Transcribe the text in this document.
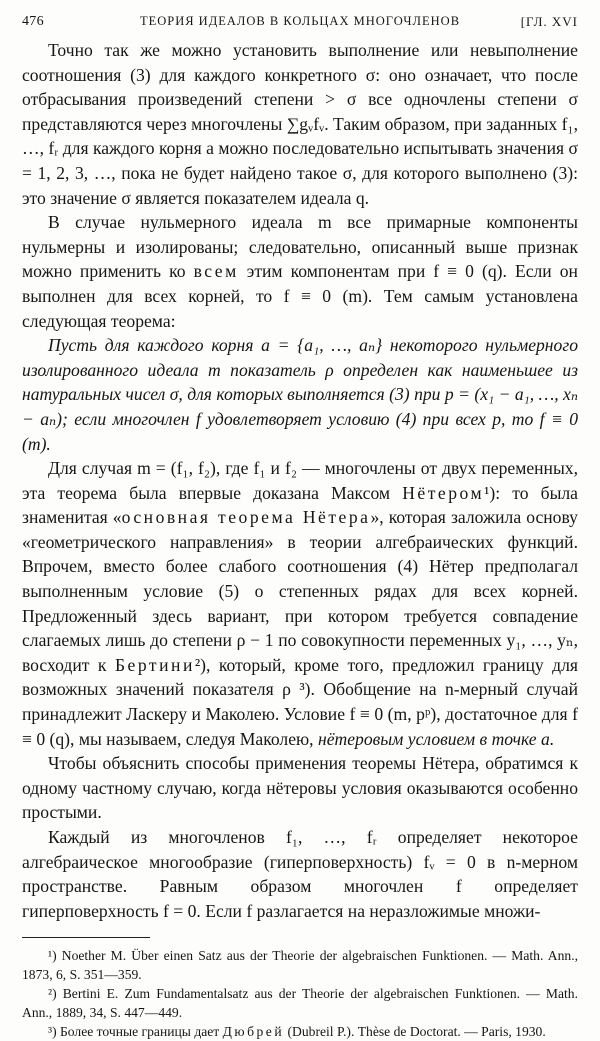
476	ТЕОРИЯ ИДЕАЛОВ В КОЛЬЦАХ МНОГОЧЛЕНОВ	[ГЛ. XVI

Точно так же можно установить выполнение или невыполнение соотношения (3) для каждого конкретного σ: оно означает, что после отбрасывания произведений степени > σ все одночлены степени σ представляются через многочлены ∑gᵥfᵥ. Таким образом, при заданных f₁, …, fᵣ для каждого корня a можно последовательно испытывать значения σ = 1, 2, 3, …, пока не будет найдено такое σ, для которого выполнено (3): это значение σ является показателем идеала q.

В случае нульмерного идеала m все примарные компоненты нульмерны и изолированы; следовательно, описанный выше признак можно применить ко всем этим компонентам при f ≡ 0 (q). Если он выполнен для всех корней, то f ≡ 0 (m). Тем самым установлена следующая теорема:

Пусть для каждого корня a = {a₁, …, aₙ} некоторого нульмерного изолированного идеала m показатель ρ определен как наименьшее из натуральных чисел σ, для которых выполняется (3) при p = (x₁ − a₁, …, xₙ − aₙ); если многочлен f удовлетворяет условию (4) при всех p, то f ≡ 0 (m).

Для случая m = (f₁, f₂), где f₁ и f₂ — многочлены от двух переменных, эта теорема была впервые доказана Максом Нётером¹): то была знаменитая «основная теорема Нётера», которая заложила основу «геометрического направления» в теории алгебраических функций. Впрочем, вместо более слабого соотношения (4) Нётер предполагал выполненным условие (5) о степенных рядах для всех корней. Предложенный здесь вариант, при котором требуется совпадение слагаемых лишь до степени ρ − 1 по совокупности переменных y₁, …, yₙ, восходит к Бертини²), который, кроме того, предложил границу для возможных значений показателя ρ ³). Обобщение на n-мерный случай принадлежит Ласкеру и Маколею. Условие f ≡ 0 (m, pᵖ), достаточное для f ≡ 0 (q), мы называем, следуя Маколею, нётеровым условием в точке a.

Чтобы объяснить способы применения теоремы Нётера, обратимся к одному частному случаю, когда нётеровы условия оказываются особенно простыми.

Каждый из многочленов f₁, …, fᵣ определяет некоторое алгебраическое многообразие (гиперповерхность) fᵥ = 0 в n-мерном пространстве. Равным образом многочлен f определяет гиперповерхность f = 0. Если f разлагается на неразложимые множи-

¹) Noether M. Über einen Satz aus der Theorie der algebraischen Funktionen. — Math. Ann., 1873, 6, S. 351—359.

²) Bertini E. Zum Fundamentalsatz aus der Theorie der algebraischen Funktionen. — Math. Ann., 1889, 34, S. 447—449.

³) Более точные границы дает Дюбрей (Dubreil P.). Thèse de Doctorat. — Paris, 1930.
